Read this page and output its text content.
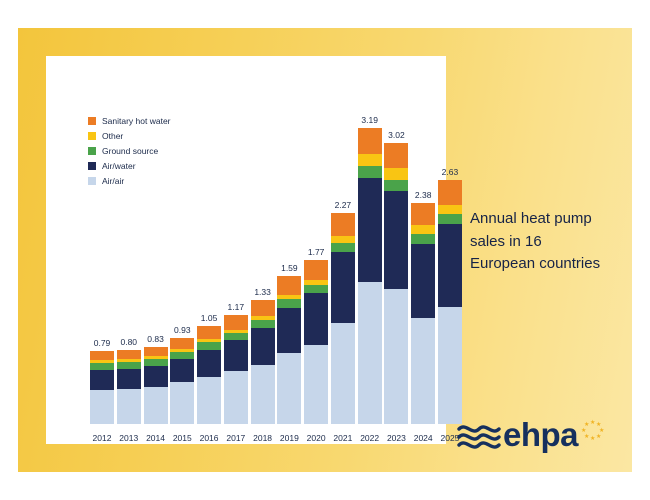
Sanitary hot water
Other
Ground source
Air/water
Air/air
0.79 0.80 0.83
0.93
1.05
1.17
1.33
1.59
1.77
2.27
3.19
3.02
2.38
2.63
2012 2013 2014 2015 2016 2017 2018 2019 2020 2021 2022 2023 2024 2025
Annual heat pump sales in 16 European countries
ehpa ★ ★
★
★
★
★
★
★
